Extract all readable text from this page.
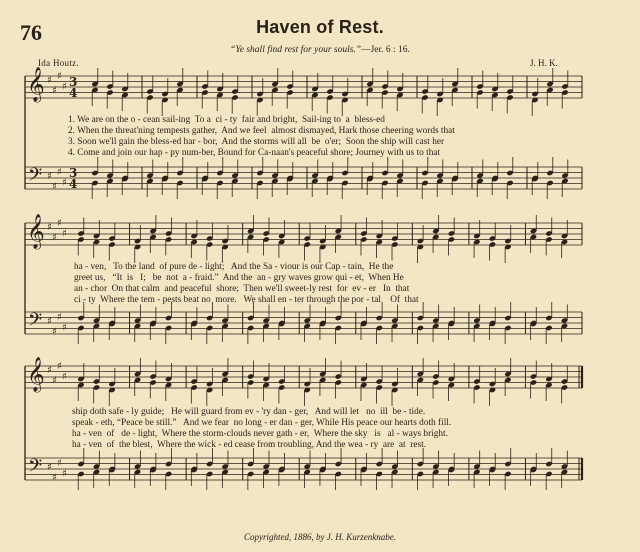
𝄞
𝄢
♯
♯
♯
♯
♯
♯
♯
♯
3
3
4
4
𝄞
𝄢
♯
♯
♯
♯
♯
♯
♯
♯
𝄞
𝄢
♯
♯
♯
♯
♯
♯
♯
♯
76	Haven of Rest.
“Ye shall find rest for your souls.”—Jer. 6 : 16.
Ida Houtz.	J. H. K.

1. We are on the o - cean sail-ing  To a  ci - ty  fair and bright,  Sail-ing to  a  bless-ed

2. When the threat'ning tempests gather,  And we feel  almost dismayed, Hark those cheering words that

3. Soon we'll gain the bless-ed har - bor,  And the storms will all  be  o'er;  Soon the ship will cast her

4. Come and join our hap - py num-ber, Bound for Ca-naan's peaceful shore; Journey with us to that

ha - ven,   To the land  of pure de - light;   And the Sa - viour is our Cap - tain,  He the

greet us,   “It  is   I;   be  not  a - fraid.”  And the  an - gry waves grow qui - et,  When He

an - chor  On that calm  and peaceful  shore;  Then we'll sweet-ly rest  for  ev - er   In  that

ci - ty  Where the tem - pests beat no  more.   We shall en - ter through the por - tal    Of  that

ship doth safe - ly guide;   He will guard from ev - 'ry dan - ger,   And will let   no  ill  be - tide.

speak - eth, “Peace be still.”   And we fear  no long - er dan - ger, While His peace our hearts doth fill.

ha - ven  of   de - light,  Where the storm-clouds never gath - er,  Where the sky   is   al - ways bright.

ha - ven  of  the blest,  Where the wick - ed cease from troubling, And the wea - ry  are  at  rest.

Copyrighted, 1886, by J. H. Kurzenknabe.
